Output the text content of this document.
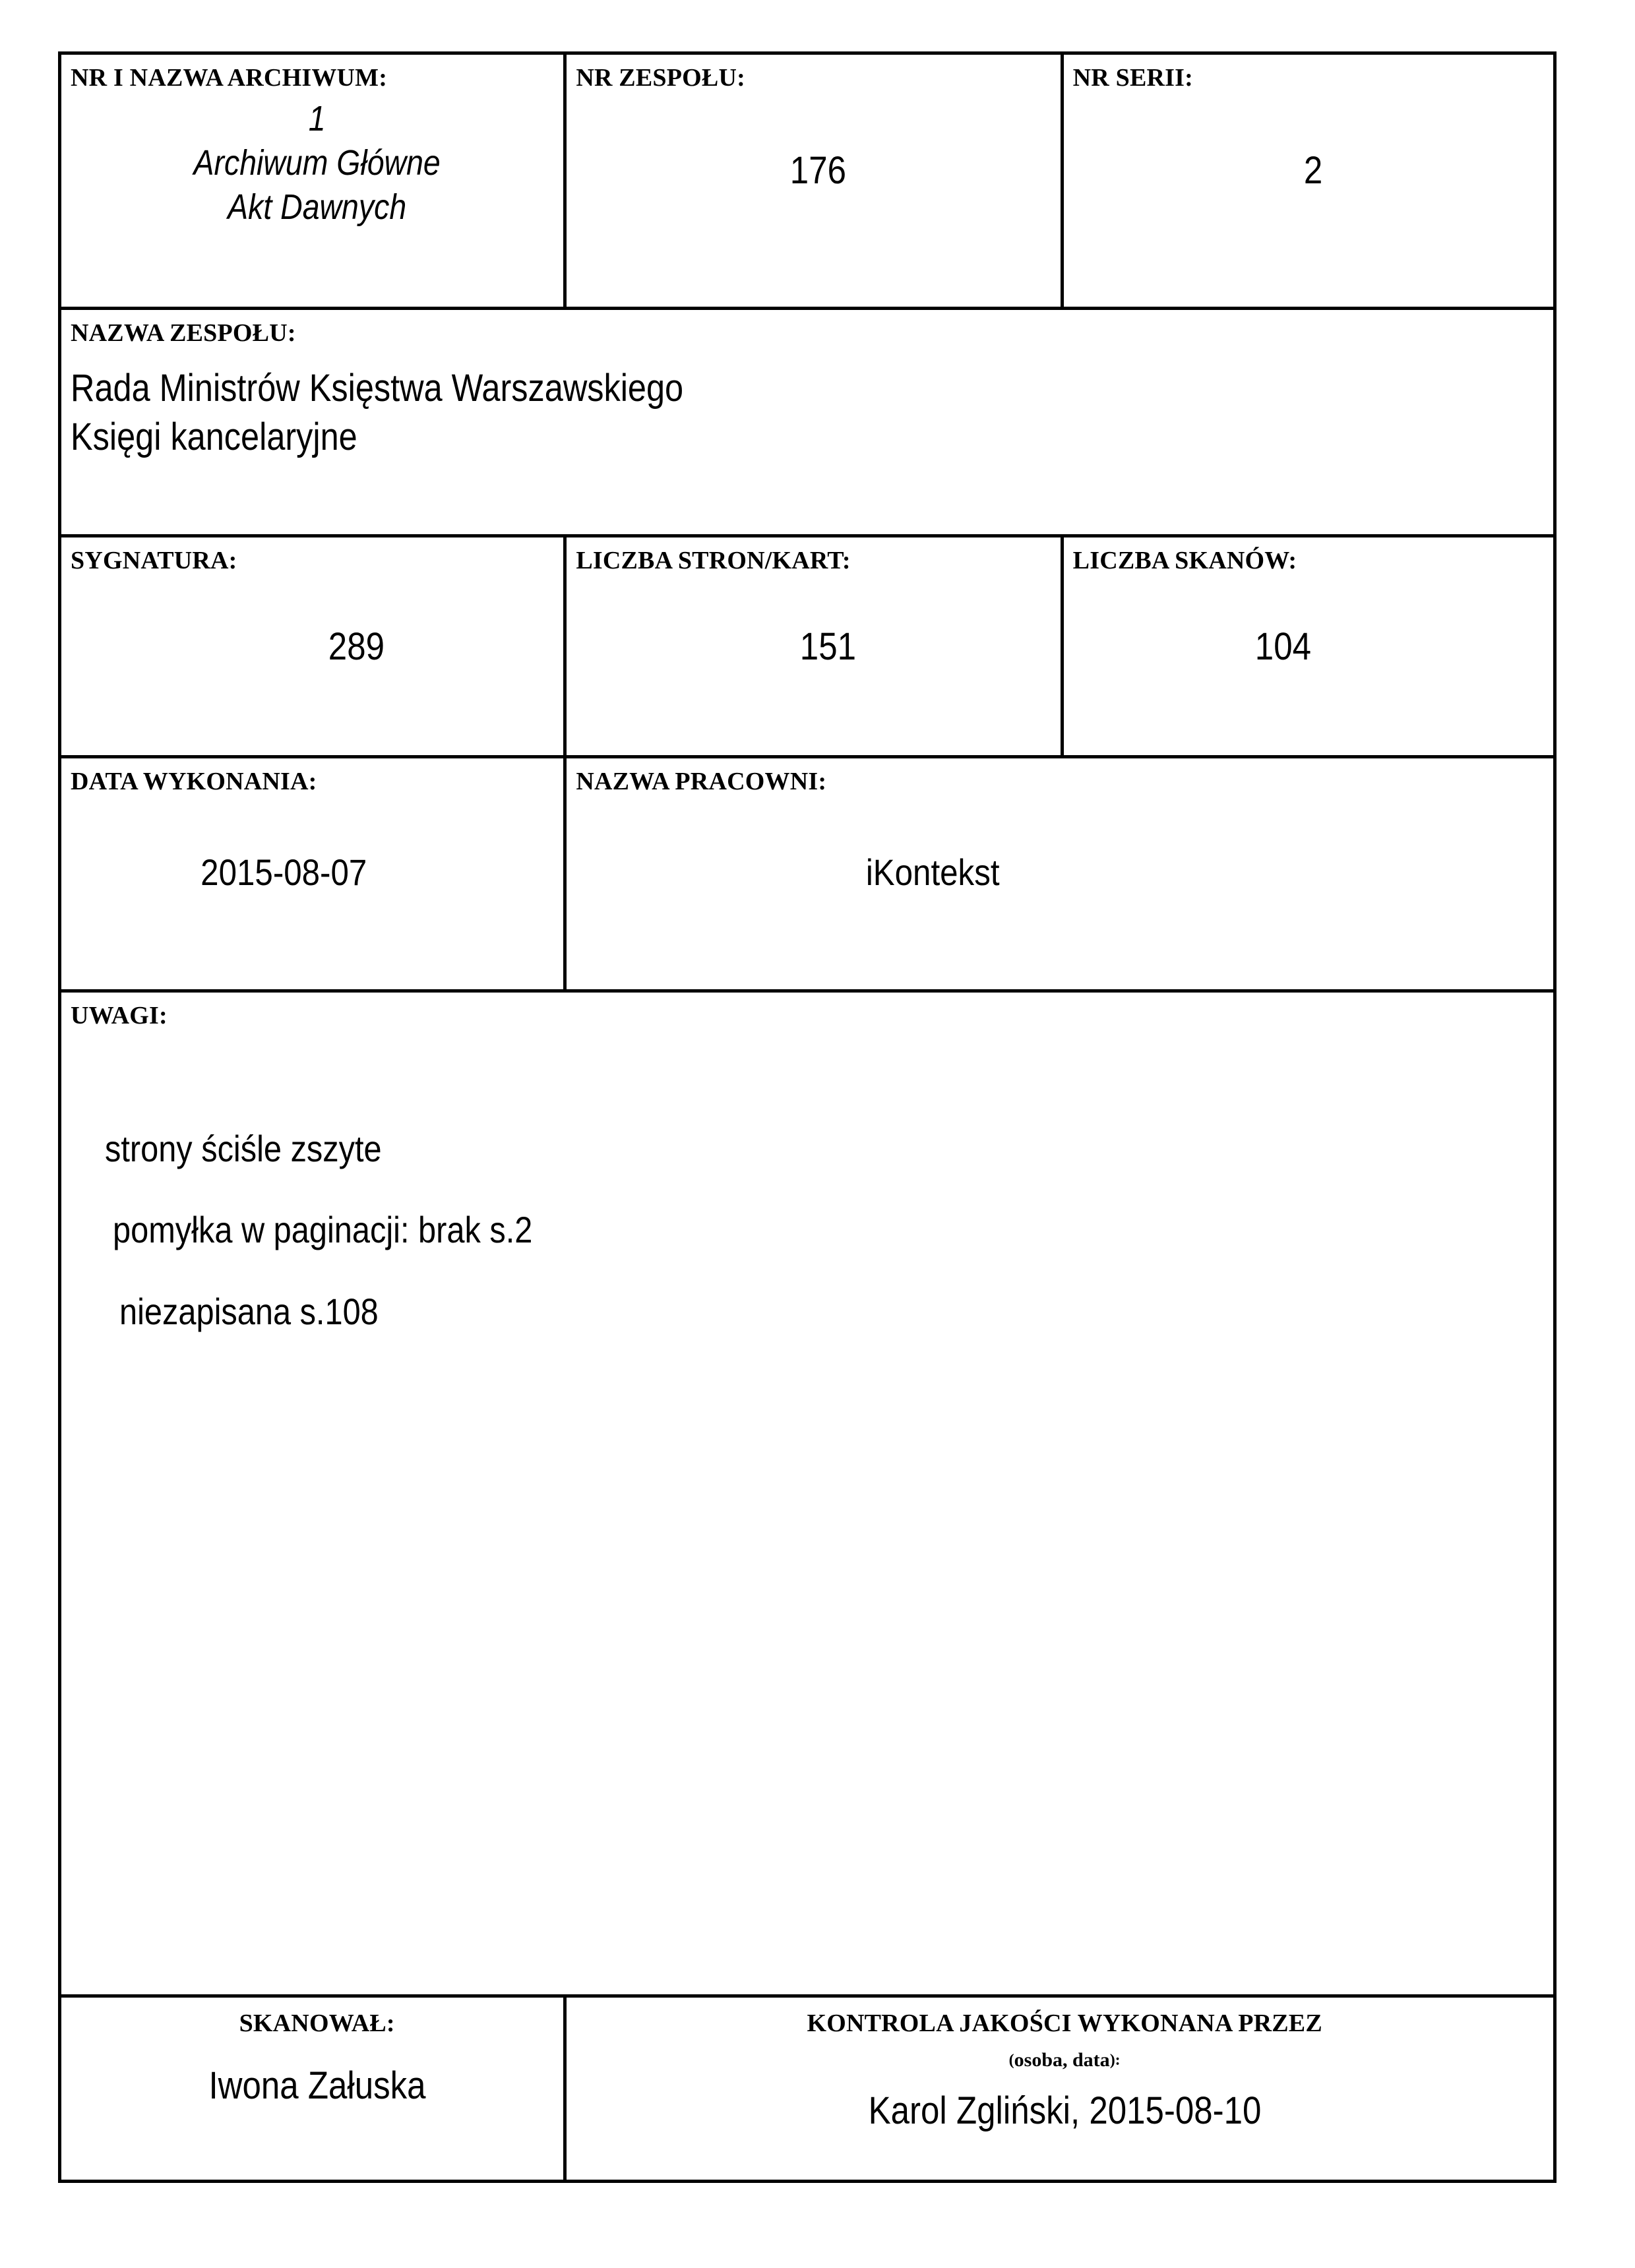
NR I NAZWA ARCHIWUM:
1
Archiwum Główne
Akt Dawnych
NR ZESPOŁU:
176
NR SERII:
2
NAZWA ZESPOŁU:
Rada Ministrów Księstwa Warszawskiego
Księgi kancelaryjne
SYGNATURA:
289
LICZBA STRON/KART:
151
LICZBA SKANÓW:
104
DATA WYKONANIA:
2015-08-07
NAZWA PRACOWNI:
iKontekst
UWAGI:
strony ściśle zszyte
pomyłka w paginacji: brak s.2
niezapisana s.108
SKANOWAŁ:
Iwona Załuska
KONTROLA JAKOŚCI WYKONANA PRZEZ
(osoba, data):
Karol Zgliński, 2015-08-10
